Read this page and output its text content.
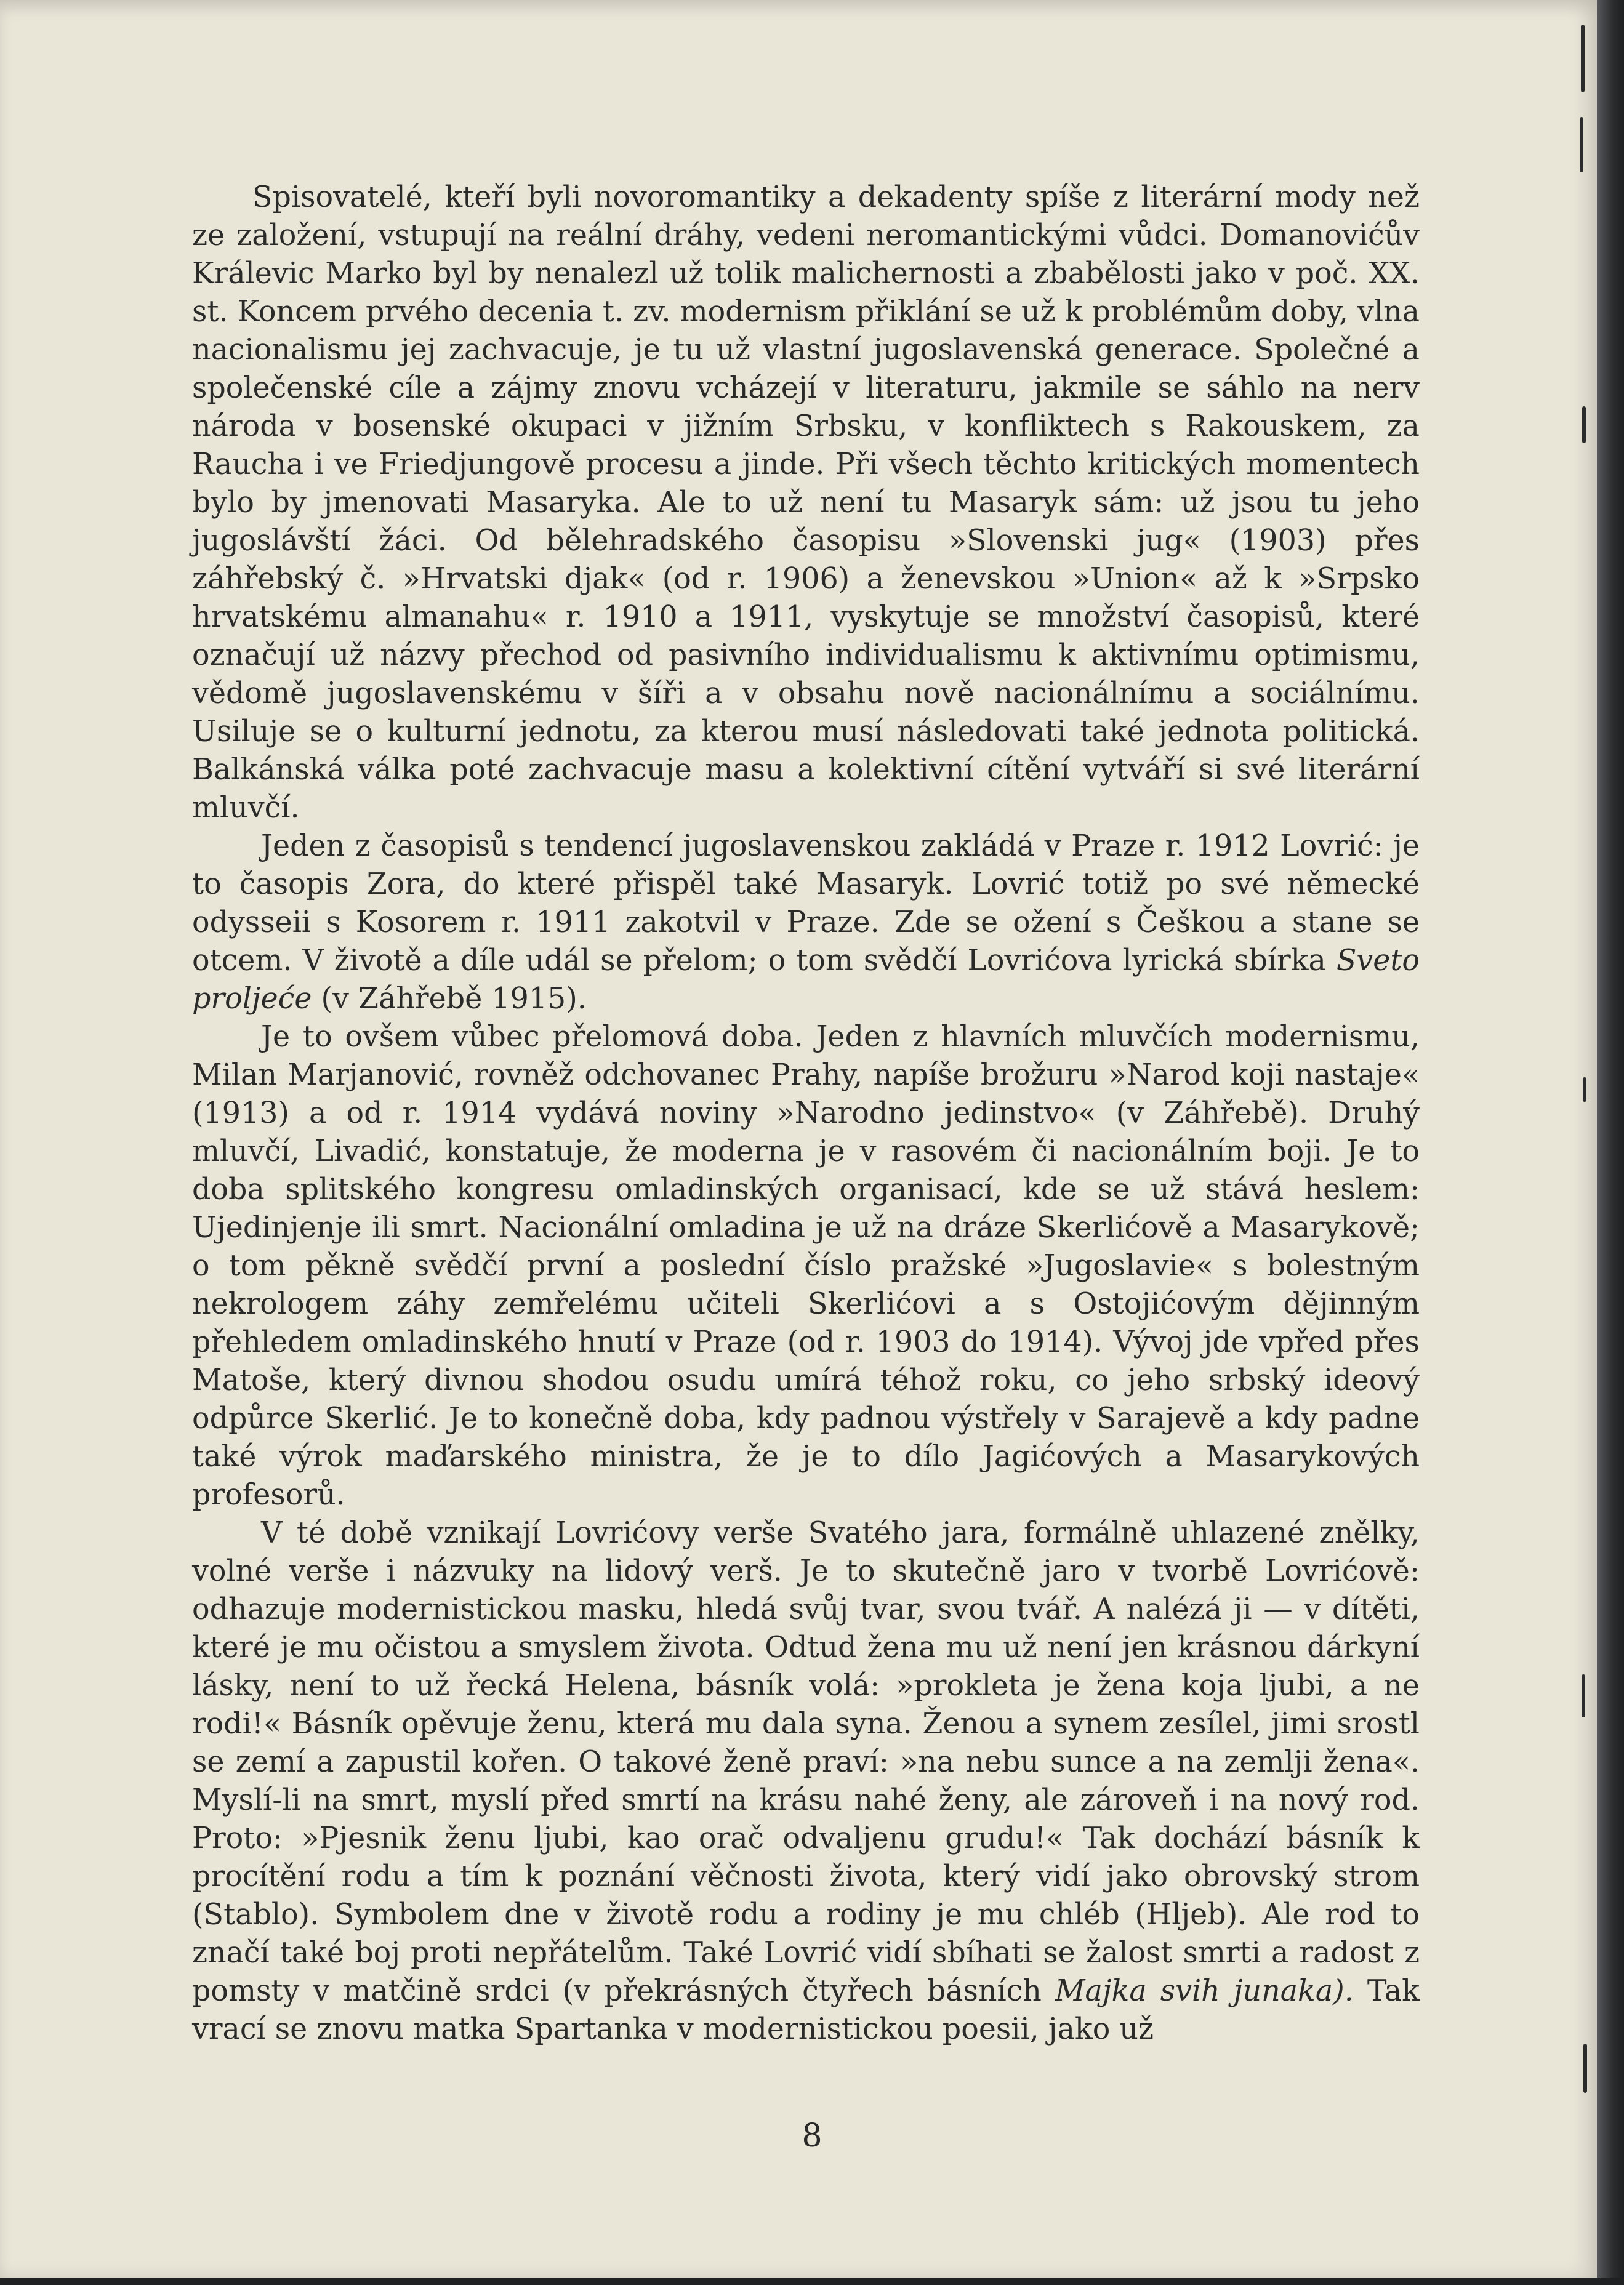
Spisovatelé, kteří byli novoromantiky a dekadenty spíše z literární mody než ze založení, vstupují na reální dráhy, vedeni neromantickými vůdci. Domanovićův Králevic Marko byl by nenalezl už tolik malichernosti a zbabělosti jako v poč. XX. st. Koncem prvého decenia t. zv. modernism přiklání se už k problémům doby, vlna nacionalismu jej zachvacuje, je tu už vlastní jugoslavenská generace. Společné a společenské cíle a zájmy znovu vcházejí v literaturu, jakmile se sáhlo na nerv národa v bosenské okupaci v jižním Srbsku, v konfliktech s Rakouskem, za Raucha i ve Friedjungově procesu a jinde. Při všech těchto kritických momentech bylo by jmenovati Masaryka. Ale to už není tu Masaryk sám: už jsou tu jeho jugoslávští žáci. Od bělehradského časopisu »Slovenski jug« (1903) přes záhřebský č. »Hrvatski djak« (od r. 1906) a ženevskou »Union« až k »Srpsko hrvatskému almanahu« r. 1910 a 1911, vyskytuje se množství časopisů, které označují už názvy přechod od pasivního individualismu k aktivnímu optimismu, vědomě jugoslavenskému v šíři a v obsahu nově nacionálnímu a sociálnímu. Usiluje se o kulturní jednotu, za kterou musí následovati také jednota politická. Balkánská válka poté zachvacuje masu a kolektivní cítění vytváří si své literární mluvčí.

Jeden z časopisů s tendencí jugoslavenskou zakládá v Praze r. 1912 Lovrić: je to časopis Zora, do které přispěl také Masaryk. Lovrić totiž po své německé odysseii s Kosorem r. 1911 zakotvil v Praze. Zde se ožení s Češkou a stane se otcem. V životě a díle udál se přelom; o tom svědčí Lovrićova lyrická sbírka Sveto proljeće (v Záhřebě 1915).

Je to ovšem vůbec přelomová doba. Jeden z hlavních mluvčích modernismu, Milan Marjanović, rovněž odchovanec Prahy, napíše brožuru »Narod koji nastaje« (1913) a od r. 1914 vydává noviny »Narodno jedinstvo« (v Záhřebě). Druhý mluvčí, Livadić, konstatuje, že moderna je v rasovém či nacionálním boji. Je to doba splitského kongresu omladinských organisací, kde se už stává heslem: Ujedinjenje ili smrt. Nacionální omladina je už na dráze Skerlićově a Masarykově; o tom pěkně svědčí první a poslední číslo pražské »Jugoslavie« s bolestným nekrologem záhy zemřelému učiteli Skerlićovi a s Ostojićovým dějinným přehledem omladinského hnutí v Praze (od r. 1903 do 1914). Vývoj jde vpřed přes Matoše, který divnou shodou osudu umírá téhož roku, co jeho srbský ideový odpůrce Skerlić. Je to konečně doba, kdy padnou výstřely v Sarajevě a kdy padne také výrok maďarského ministra, že je to dílo Jagićových a Masarykových profesorů.

V té době vznikají Lovrićovy verše Svatého jara, formálně uhlazené znělky, volné verše i názvuky na lidový verš. Je to skutečně jaro v tvorbě Lovrićově: odhazuje modernistickou masku, hledá svůj tvar, svou tvář. A nalézá ji — v dítěti, které je mu očistou a smyslem života. Odtud žena mu už není jen krásnou dárkyní lásky, není to už řecká Helena, básník volá: »prokleta je žena koja ljubi, a ne rodi!« Básník opěvuje ženu, která mu dala syna. Ženou a synem zesílel, jimi srostl se zemí a zapustil kořen. O takové ženě praví: »na nebu sunce a na zemlji žena«. Myslí-li na smrt, myslí před smrtí na krásu nahé ženy, ale zároveň i na nový rod. Proto: »Pjesnik ženu ljubi, kao orač odvaljenu grudu!« Tak dochází básník k procítění rodu a tím k poznání věčnosti života, který vidí jako obrovský strom (Stablo). Symbolem dne v životě rodu a rodiny je mu chléb (Hljeb). Ale rod to značí také boj proti nepřátelům. Také Lovrić vidí sbíhati se žalost smrti a radost z pomsty v matčině srdci (v překrásných čtyřech básních Majka svih junaka). Tak vrací se znovu matka Spartanka v modernistickou poesii, jako už

8
